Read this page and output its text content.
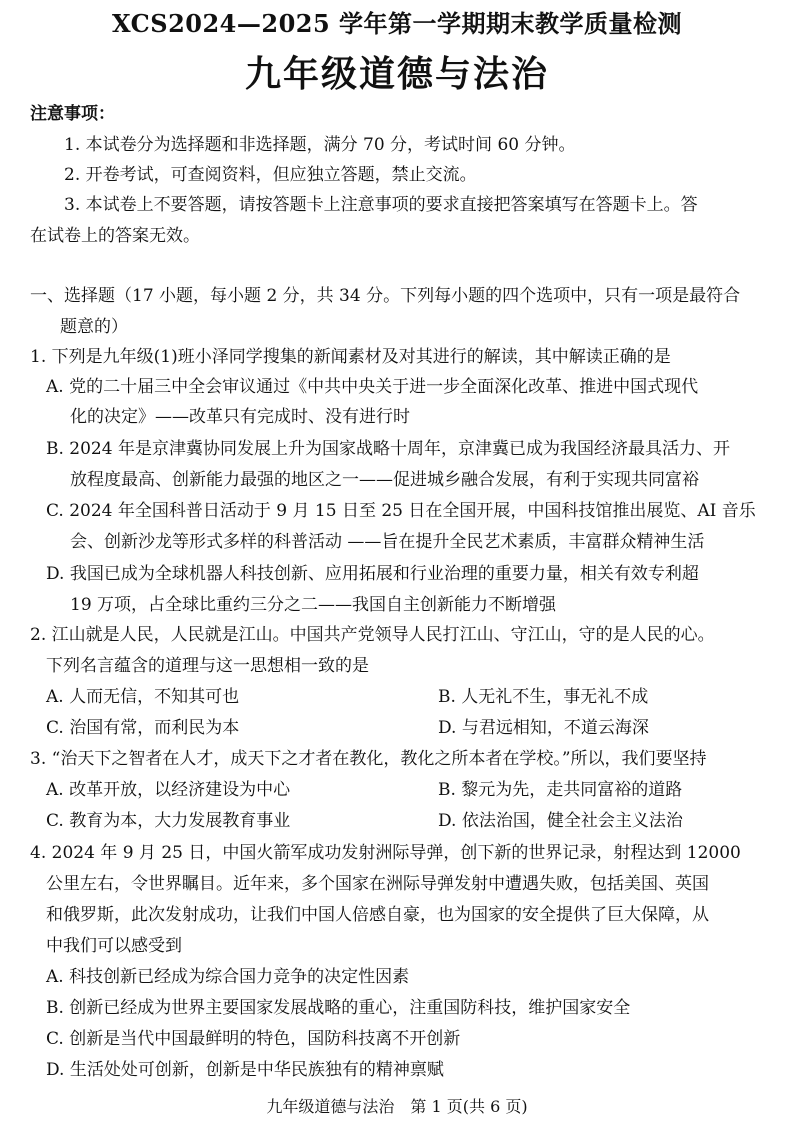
XCS2024—2025 学年第一学期期末教学质量检测
九年级道德与法治
注意事项：
1. 本试卷分为选择题和非选择题，满分 70 分，考试时间 60 分钟。
2. 开卷考试，可查阅资料，但应独立答题，禁止交流。
3. 本试卷上不要答题，请按答题卡上注意事项的要求直接把答案填写在答题卡上。答
在试卷上的答案无效。
一、选择题（17 小题，每小题 2 分，共 34 分。下列每小题的四个选项中，只有一项是最符合
题意的）
1. 下列是九年级(1)班小泽同学搜集的新闻素材及对其进行的解读，其中解读正确的是
A. 党的二十届三中全会审议通过《中共中央关于进一步全面深化改革、推进中国式现代
化的决定》——改革只有完成时、没有进行时
B. 2024 年是京津冀协同发展上升为国家战略十周年，京津冀已成为我国经济最具活力、开
放程度最高、创新能力最强的地区之一——促进城乡融合发展，有利于实现共同富裕
C. 2024 年全国科普日活动于 9 月 15 日至 25 日在全国开展，中国科技馆推出展览、AI 音乐
会、创新沙龙等形式多样的科普活动 ——旨在提升全民艺术素质，丰富群众精神生活
D. 我国已成为全球机器人科技创新、应用拓展和行业治理的重要力量，相关有效专利超
19 万项，占全球比重约三分之二——我国自主创新能力不断增强
2. 江山就是人民，人民就是江山。中国共产党领导人民打江山、守江山，守的是人民的心。
下列名言蕴含的道理与这一思想相一致的是
A. 人而无信，不知其可也	B. 人无礼不生，事无礼不成
C. 治国有常，而利民为本	D. 与君远相知，不道云海深
3. “治天下之智者在人才，成天下之才者在教化，教化之所本者在学校。”所以，我们要坚持
A. 改革开放，以经济建设为中心	B. 黎元为先，走共同富裕的道路
C. 教育为本，大力发展教育事业	D. 依法治国，健全社会主义法治
4. 2024 年 9 月 25 日，中国火箭军成功发射洲际导弹，创下新的世界记录，射程达到 12000
公里左右，令世界瞩目。近年来，多个国家在洲际导弹发射中遭遇失败，包括美国、英国
和俄罗斯，此次发射成功，让我们中国人倍感自豪，也为国家的安全提供了巨大保障，从
中我们可以感受到
A. 科技创新已经成为综合国力竞争的决定性因素
B. 创新已经成为世界主要国家发展战略的重心，注重国防科技，维护国家安全
C. 创新是当代中国最鲜明的特色，国防科技离不开创新
D. 生活处处可创新，创新是中华民族独有的精神禀赋
九年级道德与法治　第 1 页(共 6 页)
